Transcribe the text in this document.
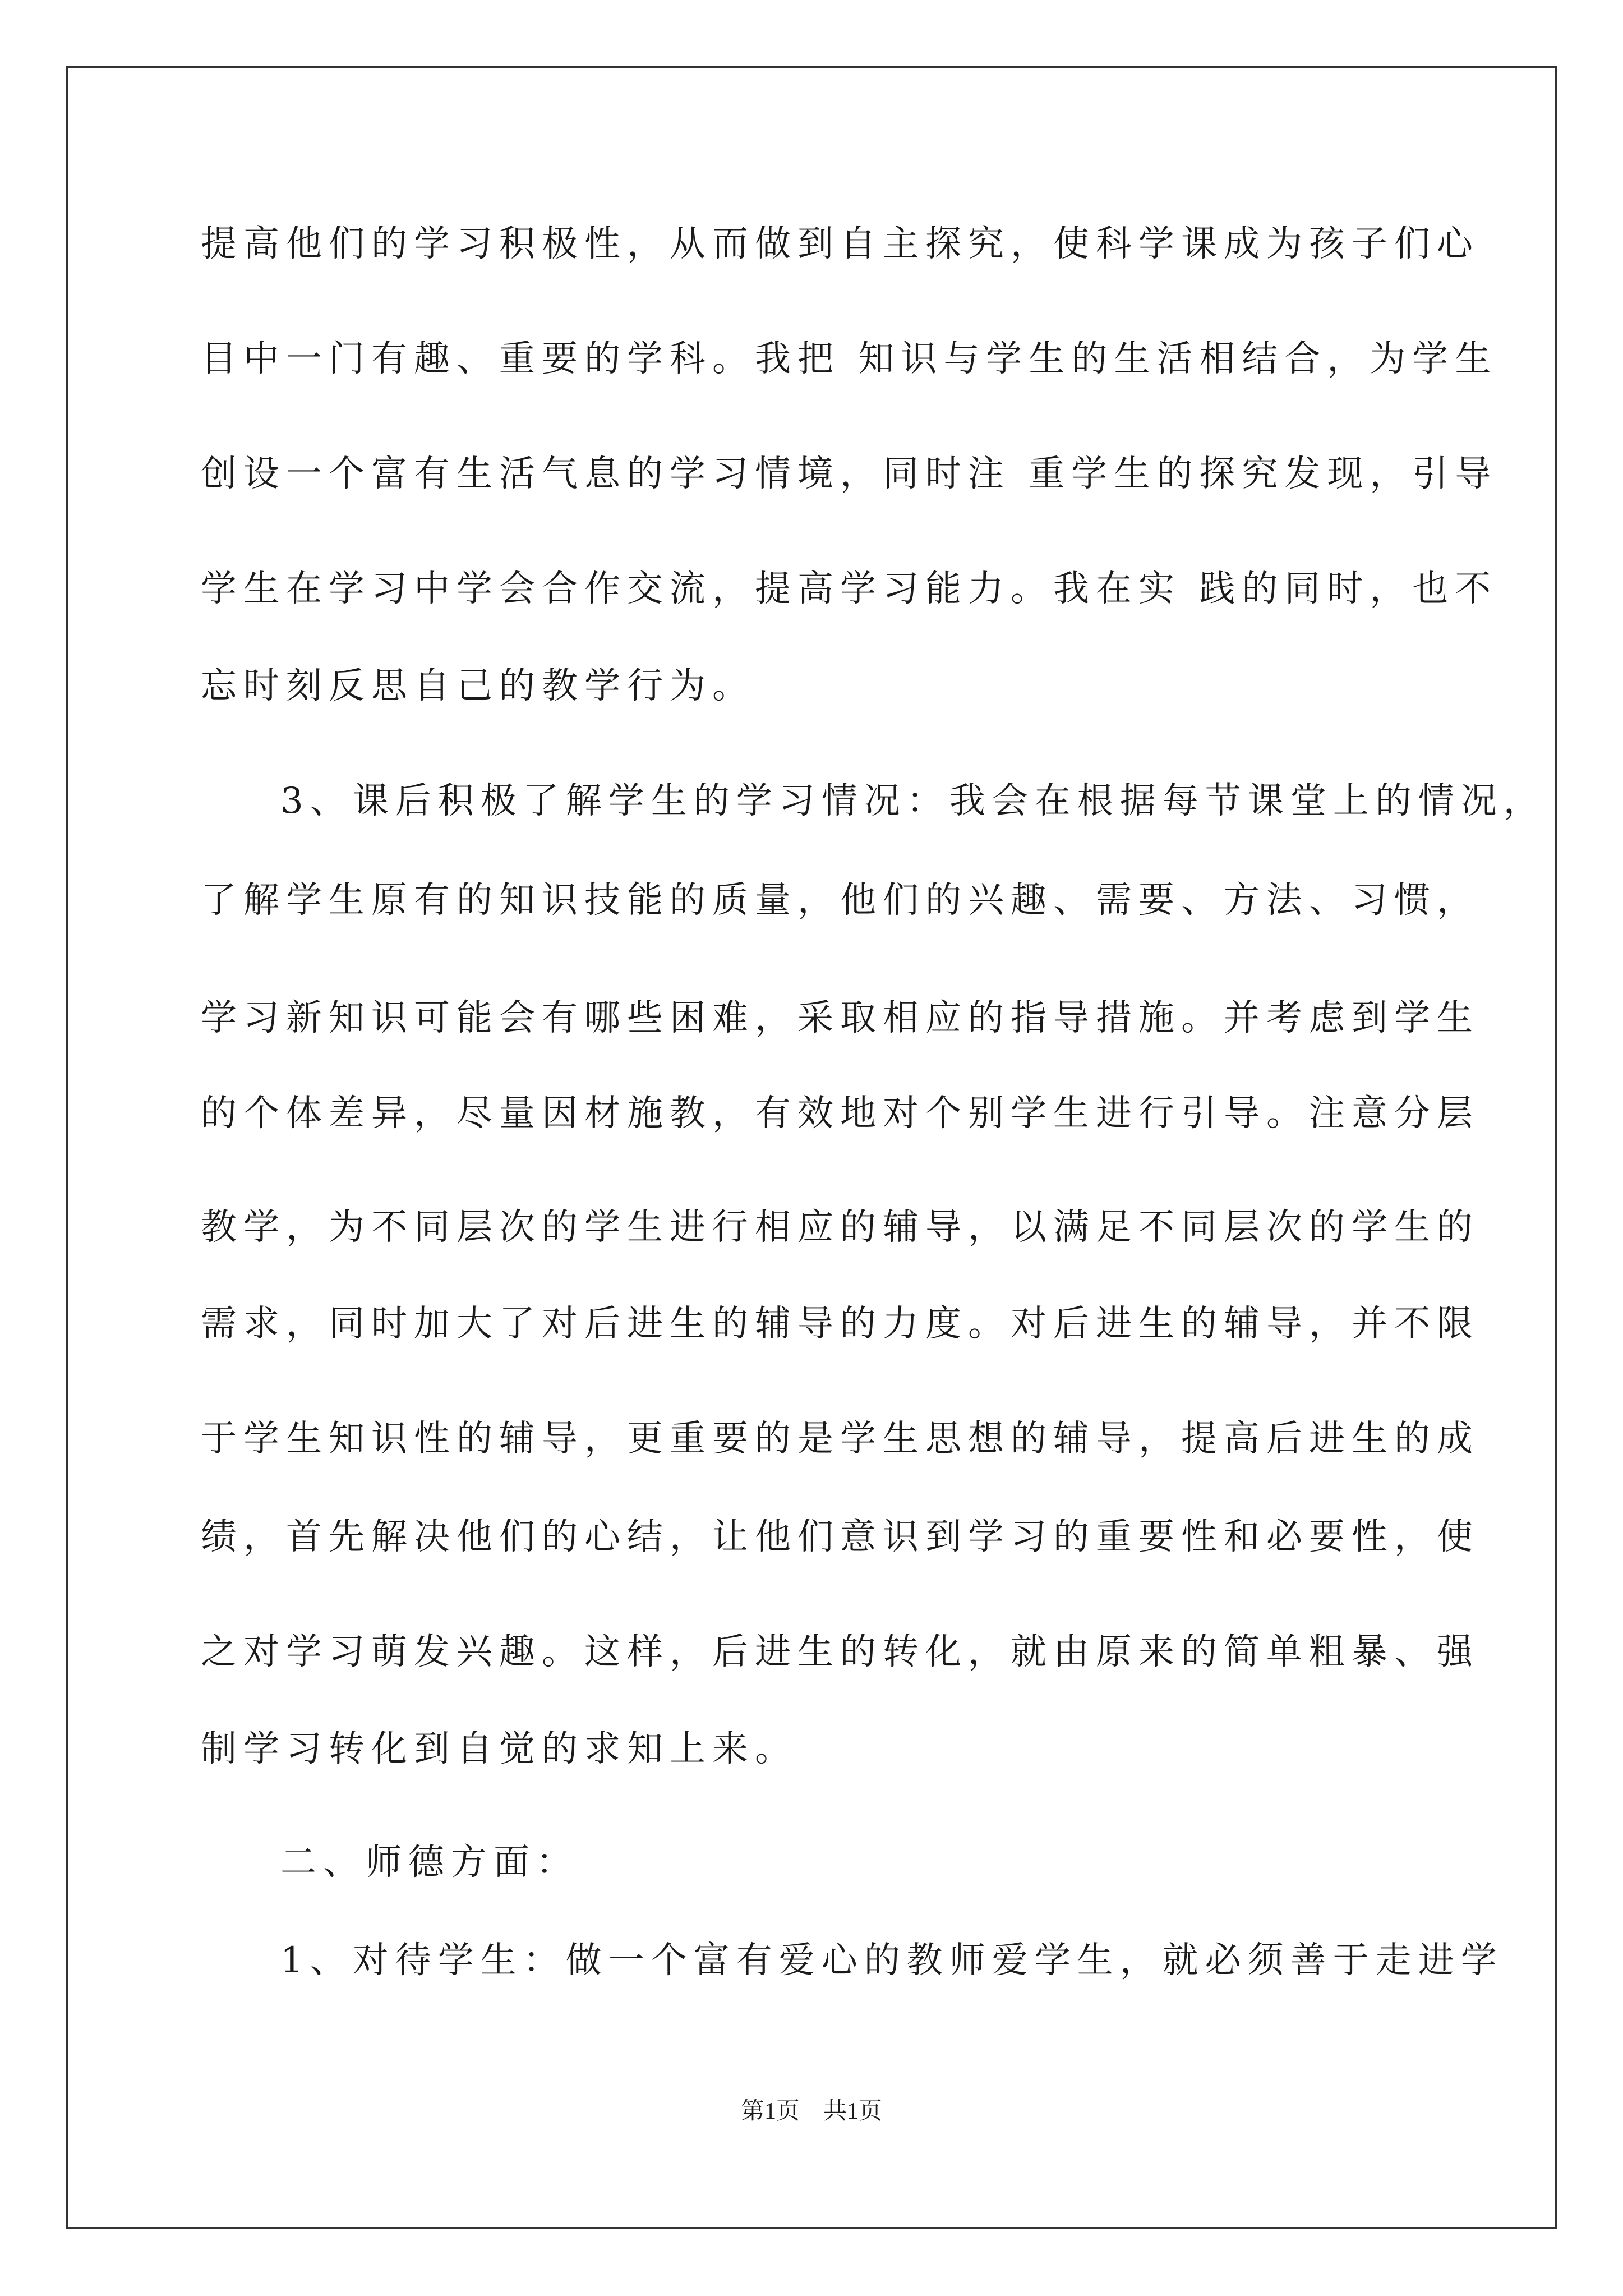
提高他们的学习积极性，从而做到自主探究，使科学课成为孩子们心
目中一门有趣、重要的学科。我把 知识与学生的生活相结合，为学生
创设一个富有生活气息的学习情境，同时注 重学生的探究发现，引导
学生在学习中学会合作交流，提高学习能力。我在实 践的同时，也不
忘时刻反思自己的教学行为。
3、课后积极了解学生的学习情况：我会在根据每节课堂上的情况，
了解学生原有的知识技能的质量，他们的兴趣、需要、方法、习惯，
学习新知识可能会有哪些困难，采取相应的指导措施。并考虑到学生
的个体差异，尽量因材施教，有效地对个别学生进行引导。注意分层
教学，为不同层次的学生进行相应的辅导，以满足不同层次的学生的
需求，同时加大了对后进生的辅导的力度。对后进生的辅导，并不限
于学生知识性的辅导，更重要的是学生思想的辅导，提高后进生的成
绩，首先解决他们的心结，让他们意识到学习的重要性和必要性，使
之对学习萌发兴趣。这样，后进生的转化，就由原来的简单粗暴、强
制学习转化到自觉的求知上来。
二、师德方面：
1、对待学生：做一个富有爱心的教师爱学生，就必须善于走进学
第1页　共1页
